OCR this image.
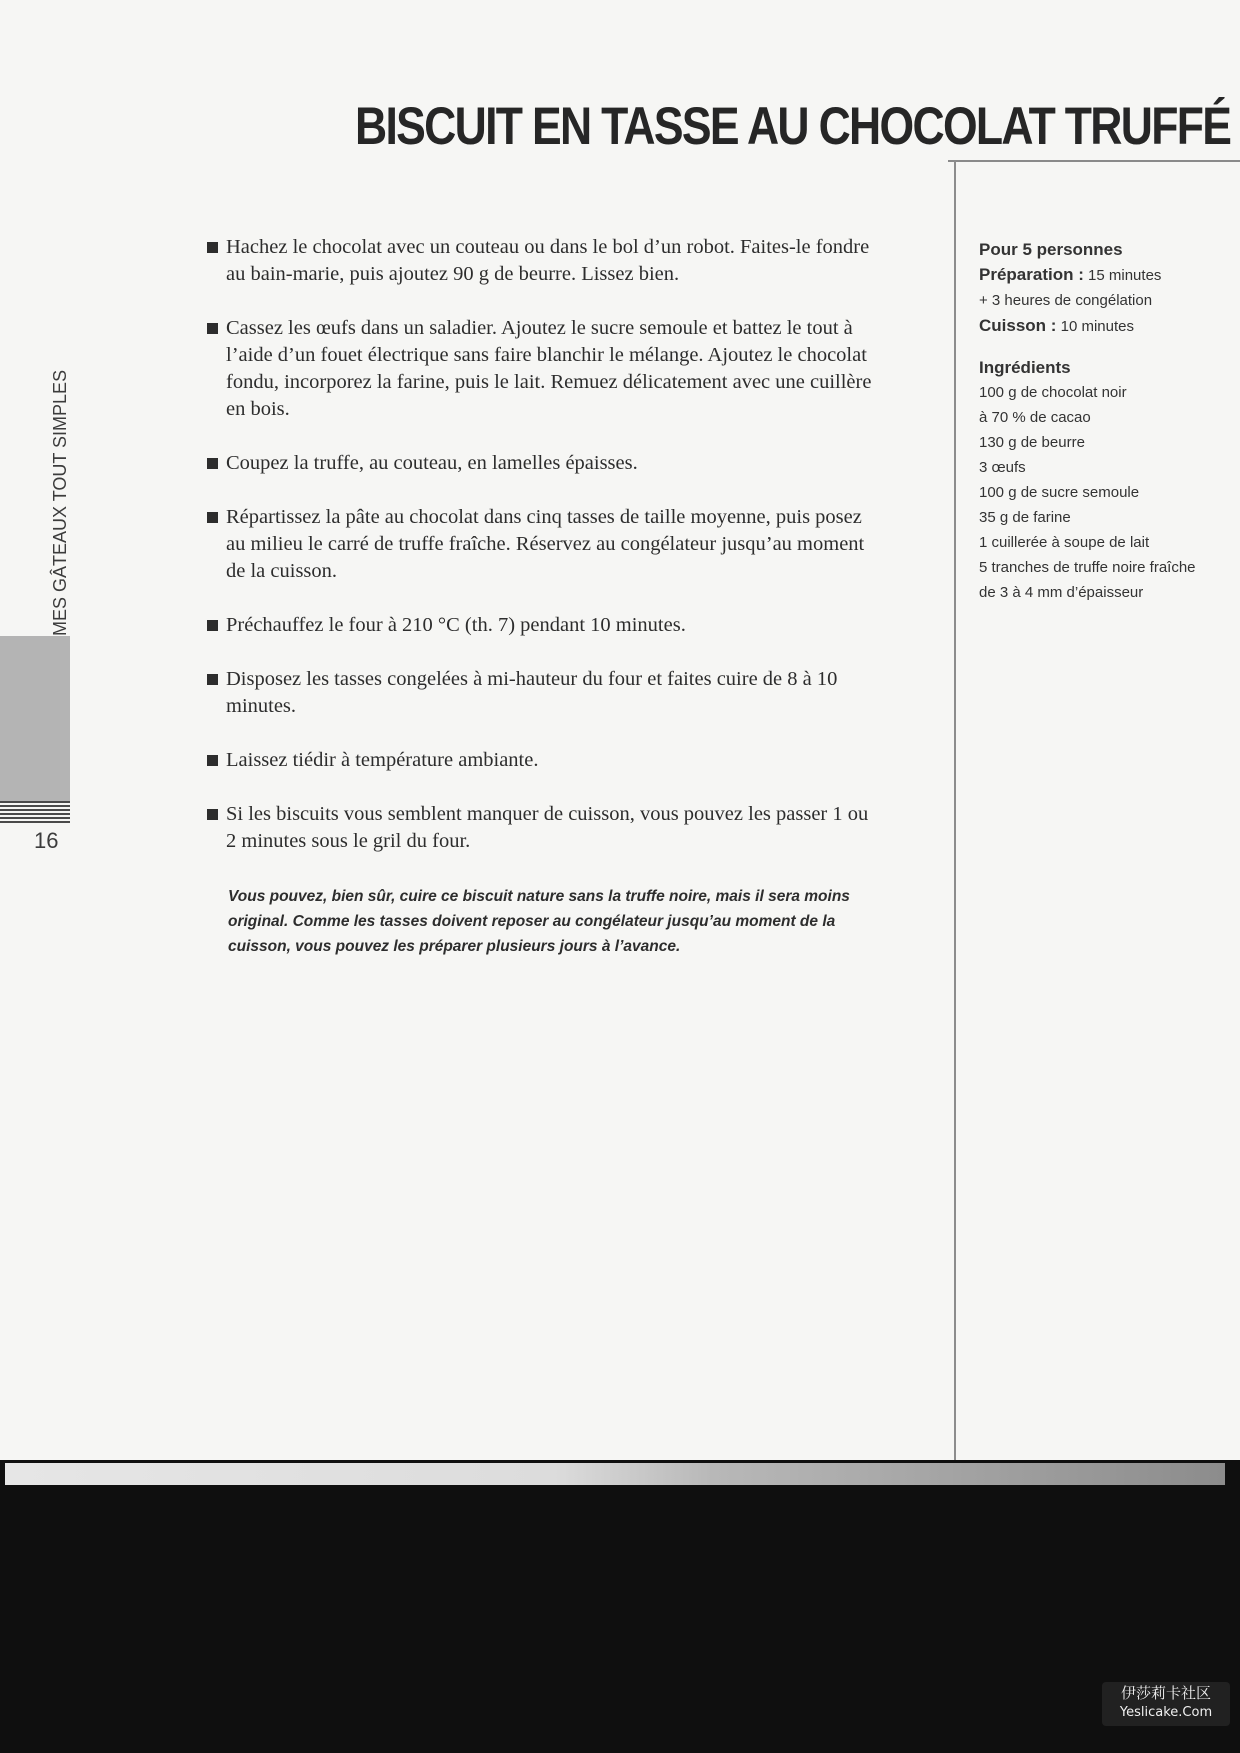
BISCUIT EN TASSE AU CHOCOLAT TRUFFÉ
MES GÂTEAUX TOUT SIMPLES
16
Hachez le chocolat avec un couteau ou dans le bol d’un robot. Faites-le fondre au bain-marie, puis ajoutez 90 g de beurre. Lissez bien.
Cassez les œufs dans un saladier. Ajoutez le sucre semoule et battez le tout à l’aide d’un fouet électrique sans faire blanchir le mélange. Ajoutez le chocolat fondu, incorporez la farine, puis le lait. Remuez délicatement avec une cuillère en bois.
Coupez la truffe, au couteau, en lamelles épaisses.
Répartissez la pâte au chocolat dans cinq tasses de taille moyenne, puis posez au milieu le carré de truffe fraîche. Réservez au congélateur jusqu’au moment de la cuisson.
Préchauffez le four à 210 °C (th. 7) pendant 10 minutes.
Disposez les tasses congelées à mi-hauteur du four et faites cuire de 8 à 10 minutes.
Laissez tiédir à température ambiante.
Si les biscuits vous semblent manquer de cuisson, vous pouvez les passer 1 ou 2 minutes sous le gril du four.

Vous pouvez, bien sûr, cuire ce biscuit nature sans la truffe noire, mais il sera moins original. Comme les tasses doivent reposer au congélateur jusqu’au moment de la cuisson, vous pouvez les préparer plusieurs jours à l’avance.

Pour 5 personnes
Préparation : 15 minutes
+ 3 heures de congélation
Cuisson : 10 minutes
Ingrédients
100 g de chocolat noir
à 70 % de cacao
130 g de beurre
3 œufs
100 g de sucre semoule
35 g de farine
1 cuillerée à soupe de lait
5 tranches de truffe noire fraîche
de 3 à 4 mm d’épaisseur
伊莎莉卡社区
Yeslicake.Com
